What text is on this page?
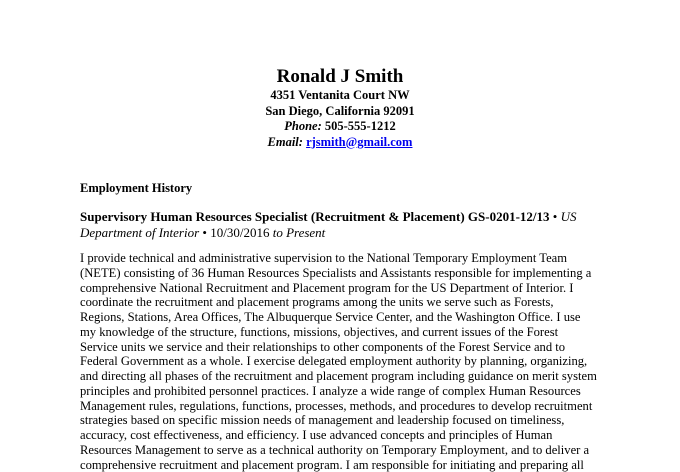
Ronald J Smith
4351 Ventanita Court NW
San Diego, California 92091
Phone: 505-555-1212
Email: rjsmith@gmail.com
Employment History
Supervisory Human Resources Specialist (Recruitment & Placement) GS-0201-12/13 • US Department of Interior • 10/30/2016 to Present
I provide technical and administrative supervision to the National Temporary Employment Team
(NETE) consisting of 36 Human Resources Specialists and Assistants responsible for implementing a
comprehensive National Recruitment and Placement program for the US Department of Interior. I
coordinate the recruitment and placement programs among the units we serve such as Forests,
Regions, Stations, Area Offices, The Albuquerque Service Center, and the Washington Office. I use
my knowledge of the structure, functions, missions, objectives, and current issues of the Forest
Service units we service and their relationships to other components of the Forest Service and to
Federal Government as a whole. I exercise delegated employment authority by planning, organizing,
and directing all phases of the recruitment and placement program including guidance on merit system
principles and prohibited personnel practices. I analyze a wide range of complex Human Resources
Management rules, regulations, functions, processes, methods, and procedures to develop recruitment
strategies based on specific mission needs of management and leadership focused on timeliness,
accuracy, cost effectiveness, and efficiency. I use advanced concepts and principles of Human
Resources Management to serve as a technical authority on Temporary Employment, and to deliver a
comprehensive recruitment and placement program. I am responsible for initiating and preparing all
